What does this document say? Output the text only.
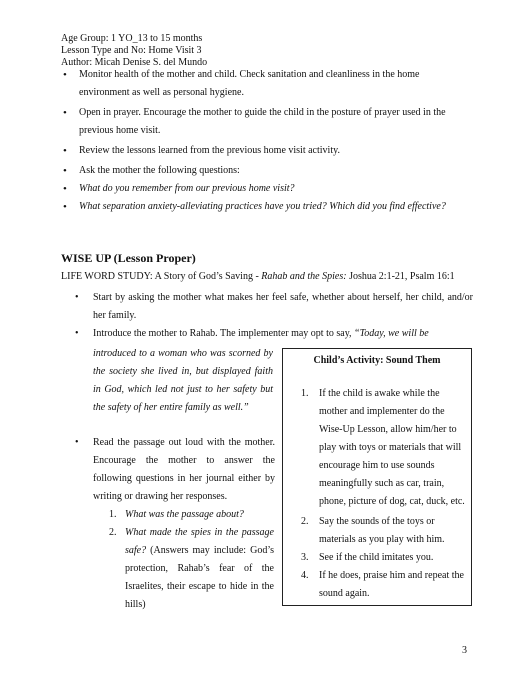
Age Group: 1 YO_13 to 15 months
Lesson Type and No: Home Visit 3
Author: Micah Denise S. del Mundo
• Monitor health of the mother and child. Check sanitation and cleanliness in the home environment as well as personal hygiene.
• Open in prayer. Encourage the mother to guide the child in the posture of prayer used in the previous home visit.
• Review the lessons learned from the previous home visit activity.
• Ask the mother the following questions:
• What do you remember from our previous home visit?
• What separation anxiety-alleviating practices have you tried? Which did you find effective?
WISE UP (Lesson Proper)
LIFE WORD STUDY: A Story of God’s Saving - Rahab and the Spies: Joshua 2:1-21, Psalm 16:1
•	Start by asking the mother what makes her feel safe, whether about herself, her child, and/or her family.
•	Introduce the mother to Rahab. The implementer may opt to say, “Today, we will be
introduced to a woman who was scorned by the society she lived in, but displayed faith in God, which led not just to her safety but the safety of her entire family as well.”
•	Read the passage out loud with the mother. Encourage the mother to answer the following questions in her journal either by writing or drawing her responses.
1. What was the passage about?
2. What made the spies in the passage safe? (Answers may include: God’s protection, Rahab’s fear of the Israelites, their escape to hide in the hills)
Child’s Activity: Sound Them
1.	If the child is awake while the mother and implementer do the Wise-Up Lesson, allow him/her to play with toys or materials that will encourage him to use sounds meaningfully such as car, train, phone, picture of dog, cat, duck, etc.
2.	Say the sounds of the toys or materials as you play with him.
3.	See if the child imitates you.
4.	If he does, praise him and repeat the sound again.
3
